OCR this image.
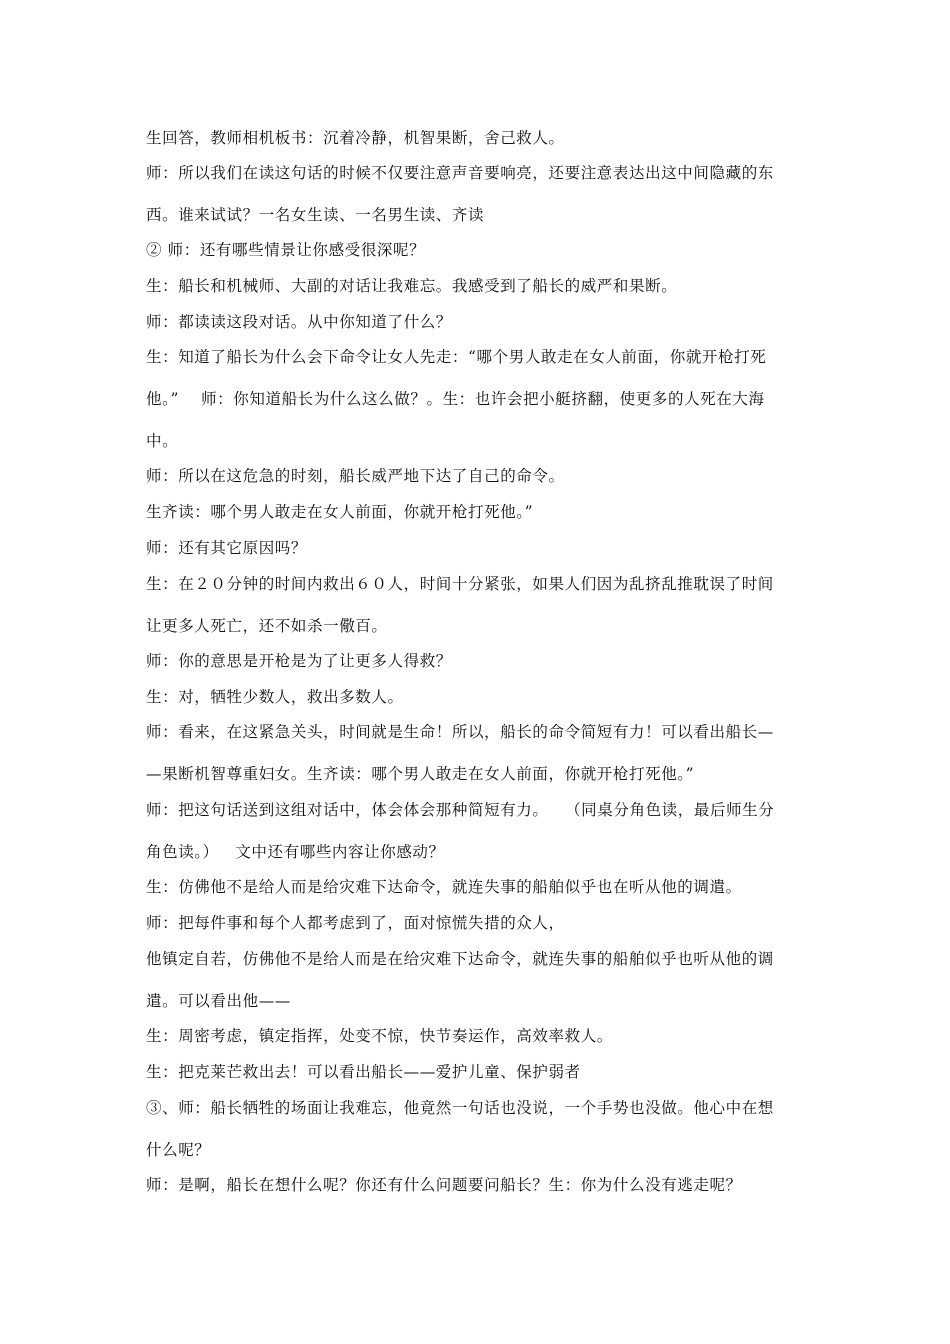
生回答，教师相机板书：沉着冷静，机智果断，舍己救人。
师：所以我们在读这句话的时候不仅要注意声音要响亮，还要注意表达出这中间隐藏的东
西。谁来试试？一名女生读、一名男生读、齐读
② 师：还有哪些情景让你感受很深呢？
生：船长和机械师、大副的对话让我难忘。我感受到了船长的威严和果断。
师：都读读这段对话。从中你知道了什么？
生：知道了船长为什么会下命令让女人先走：“哪个男人敢走在女人前面，你就开枪打死
他。”    师：你知道船长为什么这么做？。生：也许会把小艇挤翻，使更多的人死在大海
中。
师：所以在这危急的时刻，船长威严地下达了自己的命令。
生齐读：哪个男人敢走在女人前面，你就开枪打死他。”
师：还有其它原因吗？
生：在２０分钟的时间内救出６０人，时间十分紧张，如果人们因为乱挤乱推耽误了时间
让更多人死亡，还不如杀一儆百。
师：你的意思是开枪是为了让更多人得救？
生：对，牺牲少数人，救出多数人。
师：看来，在这紧急关头，时间就是生命！所以，船长的命令简短有力！可以看出船长—
—果断机智尊重妇女。生齐读：哪个男人敢走在女人前面，你就开枪打死他。”
师：把这句话送到这组对话中，体会体会那种简短有力。   （同桌分角色读，最后师生分
角色读。）   文中还有哪些内容让你感动？
生：仿佛他不是给人而是给灾难下达命令，就连失事的船舶似乎也在听从他的调遣。
师：把每件事和每个人都考虑到了，面对惊慌失措的众人，
他镇定自若，仿佛他不是给人而是在给灾难下达命令，就连失事的船舶似乎也听从他的调
遣。可以看出他——
生：周密考虑，镇定指挥，处变不惊，快节奏运作，高效率救人。
生：把克莱芒救出去！可以看出船长——爱护儿童、保护弱者
③、师：船长牺牲的场面让我难忘，他竟然一句话也没说，一个手势也没做。他心中在想
什么呢？
师：是啊，船长在想什么呢？你还有什么问题要问船长？生：你为什么没有逃走呢？
